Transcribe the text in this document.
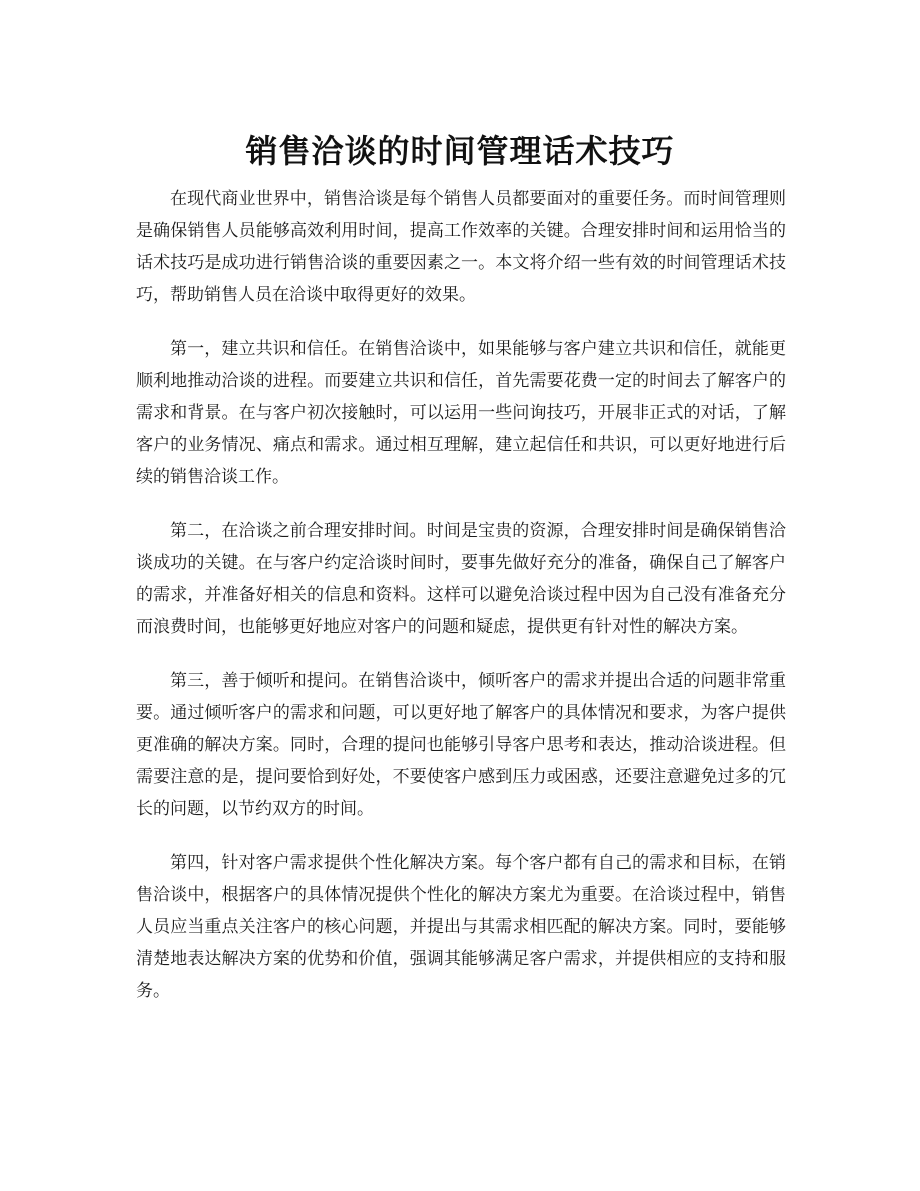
销售洽谈的时间管理话术技巧

在现代商业世界中，销售洽谈是每个销售人员都要面对的重要任务。而时间管理则是确保销售人员能够高效利用时间，提高工作效率的关键。合理安排时间和运用恰当的话术技巧是成功进行销售洽谈的重要因素之一。本文将介绍一些有效的时间管理话术技巧，帮助销售人员在洽谈中取得更好的效果。

第一，建立共识和信任。在销售洽谈中，如果能够与客户建立共识和信任，就能更顺利地推动洽谈的进程。而要建立共识和信任，首先需要花费一定的时间去了解客户的需求和背景。在与客户初次接触时，可以运用一些问询技巧，开展非正式的对话，了解客户的业务情况、痛点和需求。通过相互理解，建立起信任和共识，可以更好地进行后续的销售洽谈工作。

第二，在洽谈之前合理安排时间。时间是宝贵的资源，合理安排时间是确保销售洽谈成功的关键。在与客户约定洽谈时间时，要事先做好充分的准备，确保自己了解客户的需求，并准备好相关的信息和资料。这样可以避免洽谈过程中因为自己没有准备充分而浪费时间，也能够更好地应对客户的问题和疑虑，提供更有针对性的解决方案。

第三，善于倾听和提问。在销售洽谈中，倾听客户的需求并提出合适的问题非常重要。通过倾听客户的需求和问题，可以更好地了解客户的具体情况和要求，为客户提供更准确的解决方案。同时，合理的提问也能够引导客户思考和表达，推动洽谈进程。但需要注意的是，提问要恰到好处，不要使客户感到压力或困惑，还要注意避免过多的冗长的问题，以节约双方的时间。

第四，针对客户需求提供个性化解决方案。每个客户都有自己的需求和目标，在销售洽谈中，根据客户的具体情况提供个性化的解决方案尤为重要。在洽谈过程中，销售人员应当重点关注客户的核心问题，并提出与其需求相匹配的解决方案。同时，要能够清楚地表达解决方案的优势和价值，强调其能够满足客户需求，并提供相应的支持和服务。
